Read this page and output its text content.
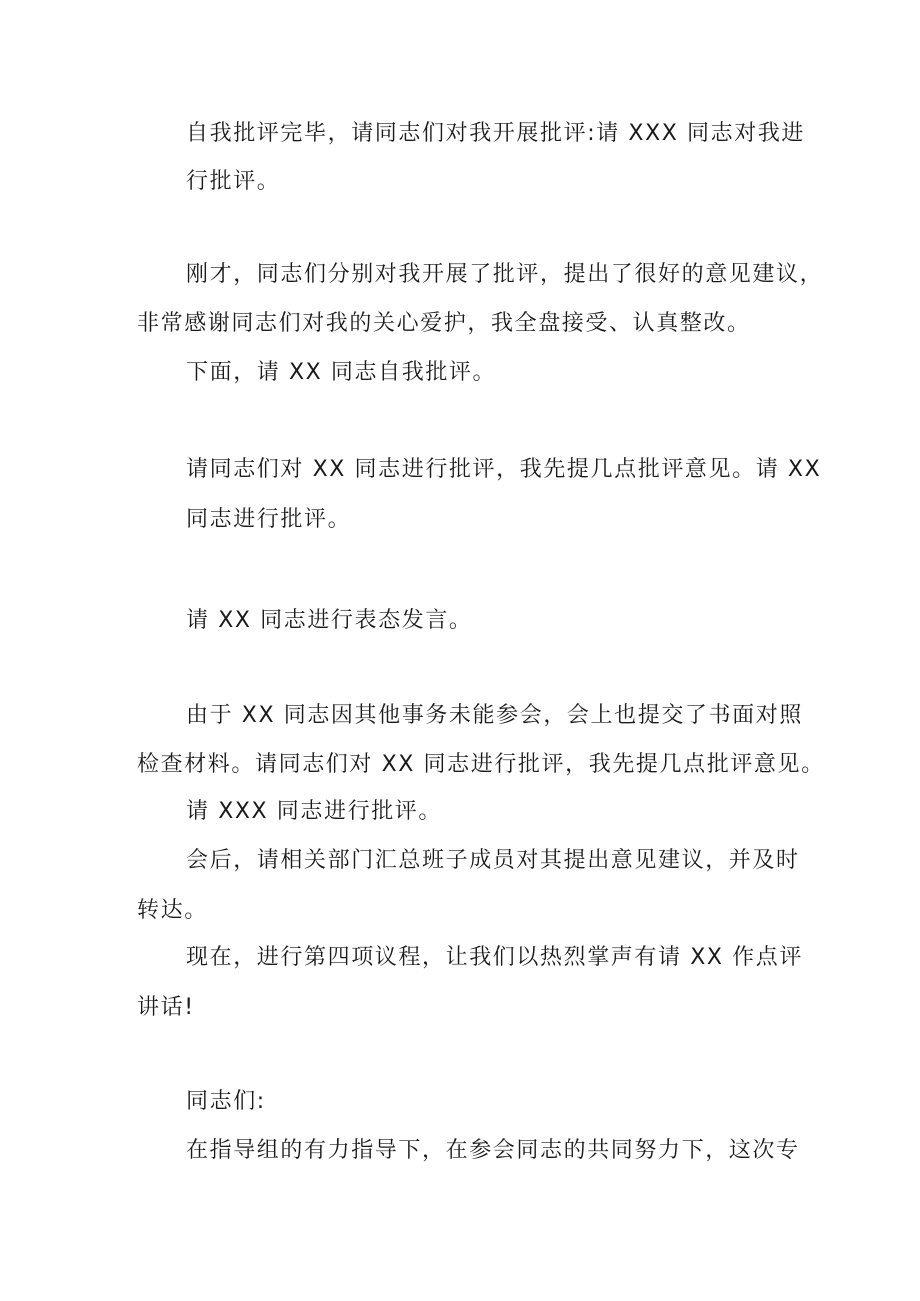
自我批评完毕，请同志们对我开展批评:请 XXX 同志对我进

行批评。

刚才，同志们分别对我开展了批评，提出了很好的意见建议，

非常感谢同志们对我的关心爱护，我全盘接受、认真整改。

下面，请 XX 同志自我批评。

请同志们对 XX 同志进行批评，我先提几点批评意见。请 XX

同志进行批评。

请 XX 同志进行表态发言。

由于 XX 同志因其他事务未能参会，会上也提交了书面对照

检查材料。请同志们对 XX 同志进行批评，我先提几点批评意见。

请 XXX 同志进行批评。

会后，请相关部门汇总班子成员对其提出意见建议，并及时

转达。

现在，进行第四项议程，让我们以热烈掌声有请 XX 作点评

讲话!

同志们:

在指导组的有力指导下，在参会同志的共同努力下，这次专
